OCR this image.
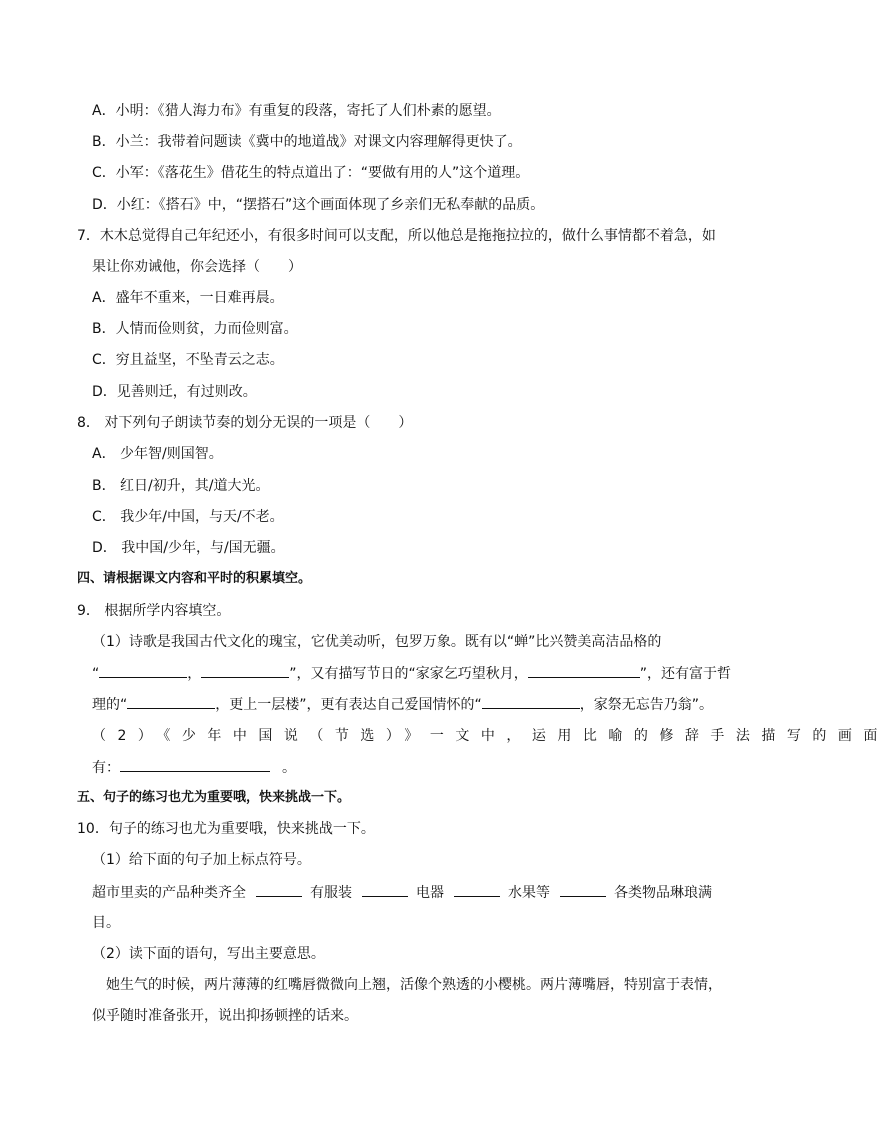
A．小明：《猎人海力布》有重复的段落，寄托了人们朴素的愿望。
B．小兰：我带着问题读《冀中的地道战》对课文内容理解得更快了。
C．小军：《落花生》借花生的特点道出了：“要做有用的人”这个道理。
D．小红：《搭石》中，“摆搭石”这个画面体现了乡亲们无私奉献的品质。
7．木木总觉得自己年纪还小，有很多时间可以支配，所以他总是拖拖拉拉的，做什么事情都不着急，如
果让你劝诫他，你会选择（　　）
A．盛年不重来，一日难再晨。
B．人情而俭则贫，力而俭则富。
C．穷且益坚，不坠青云之志。
D．见善则迁，有过则改。
8． 对下列句子朗读节奏的划分无误的一项是（　　）
A． 少年智/则国智。
B． 红日/初升，其/道大光。
C． 我少年/中国，与天/不老。
D． 我中国/少年，与/国无疆。
四、请根据课文内容和平时的积累填空。
9． 根据所学内容填空。
（1）诗歌是我国古代文化的瑰宝，它优美动听，包罗万象。既有以“蝉”比兴赞美高洁品格的
“	，	”，又有描写节日的“家家乞巧望秋月，	”，还有富于哲
理的“	，更上一层楼”，更有表达自己爱国情怀的“	，家祭无忘告乃翁”。
（2）《少年中国说（节选）》一文中，运用比喻的修辞手法描写的画面
有：	。
五、句子的练习也尤为重要哦，快来挑战一下。
10．句子的练习也尤为重要哦，快来挑战一下。
（1）给下面的句子加上标点符号。
超市里卖的产品种类齐全	有服装	电器	水果等	各类物品琳琅满
目。
（2）读下面的语句，写出主要意思。
她生气的时候，两片薄薄的红嘴唇微微向上翘，活像个熟透的小樱桃。两片薄嘴唇，特别富于表情，
似乎随时准备张开，说出抑扬顿挫的话来。
